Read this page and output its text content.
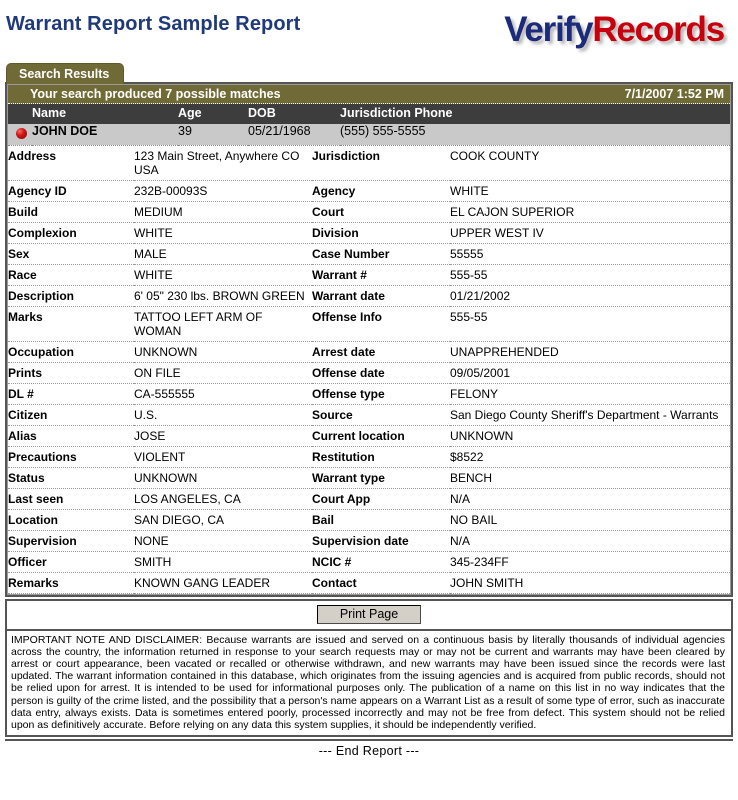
Warrant Report Sample Report	VerifyRecords
Search Results
Your search produced 7 possible matches	7/1/2007 1:52 PM

Name	Age	DOB	Jurisdiction Phone
	JOHN DOE	39	05/21/1968	(555) 555-5555
Address	123 Main Street, Anywhere CO USA	Jurisdiction	COOK COUNTY
Agency ID	232B-00093S	Agency	WHITE
Build	MEDIUM	Court	EL CAJON SUPERIOR
Complexion	WHITE	Division	UPPER WEST IV
Sex	MALE	Case Number	55555
Race	WHITE	Warrant #	555-55
Description	6' 05" 230 lbs. BROWN GREEN	Warrant date	01/21/2002
Marks	TATTOO LEFT ARM OF WOMAN	Offense Info	555-55
Occupation	UNKNOWN	Arrest date	UNAPPREHENDED
Prints	ON FILE	Offense date	09/05/2001
DL #	CA-555555	Offense type	FELONY
Citizen	U.S.	Source	San Diego County Sheriff's Department - Warrants
Alias	JOSE	Current location	UNKNOWN
Precautions	VIOLENT	Restitution	$8522
Status	UNKNOWN	Warrant type	BENCH
Last seen	LOS ANGELES, CA	Court App	N/A
Location	SAN DIEGO, CA	Bail	NO BAIL
Supervision	NONE	Supervision date	N/A
Officer	SMITH	NCIC #	345-234FF
Remarks	KNOWN GANG LEADER	Contact	JOHN SMITH
Print Page
IMPORTANT NOTE AND DISCLAIMER: Because warrants are issued and served on a continuous basis by literally thousands of individual agencies across the country, the information returned in response to your search requests may or may not be current and warrants may have been cleared by arrest or court appearance, been vacated or recalled or otherwise withdrawn, and new warrants may have been issued since the records were last updated. The warrant information contained in this database, which originates from the issuing agencies and is acquired from public records, should not be relied upon for arrest. It is intended to be used for informational purposes only. The publication of a name on this list in no way indicates that the person is guilty of the crime listed, and the possibility that a person's name appears on a Warrant List as a result of some type of error, such as inaccurate data entry, always exists. Data is sometimes entered poorly, processed incorrectly and may not be free from defect. This system should not be relied upon as definitively accurate. Before relying on any data this system supplies, it should be independently verified.
--- End Report ---
